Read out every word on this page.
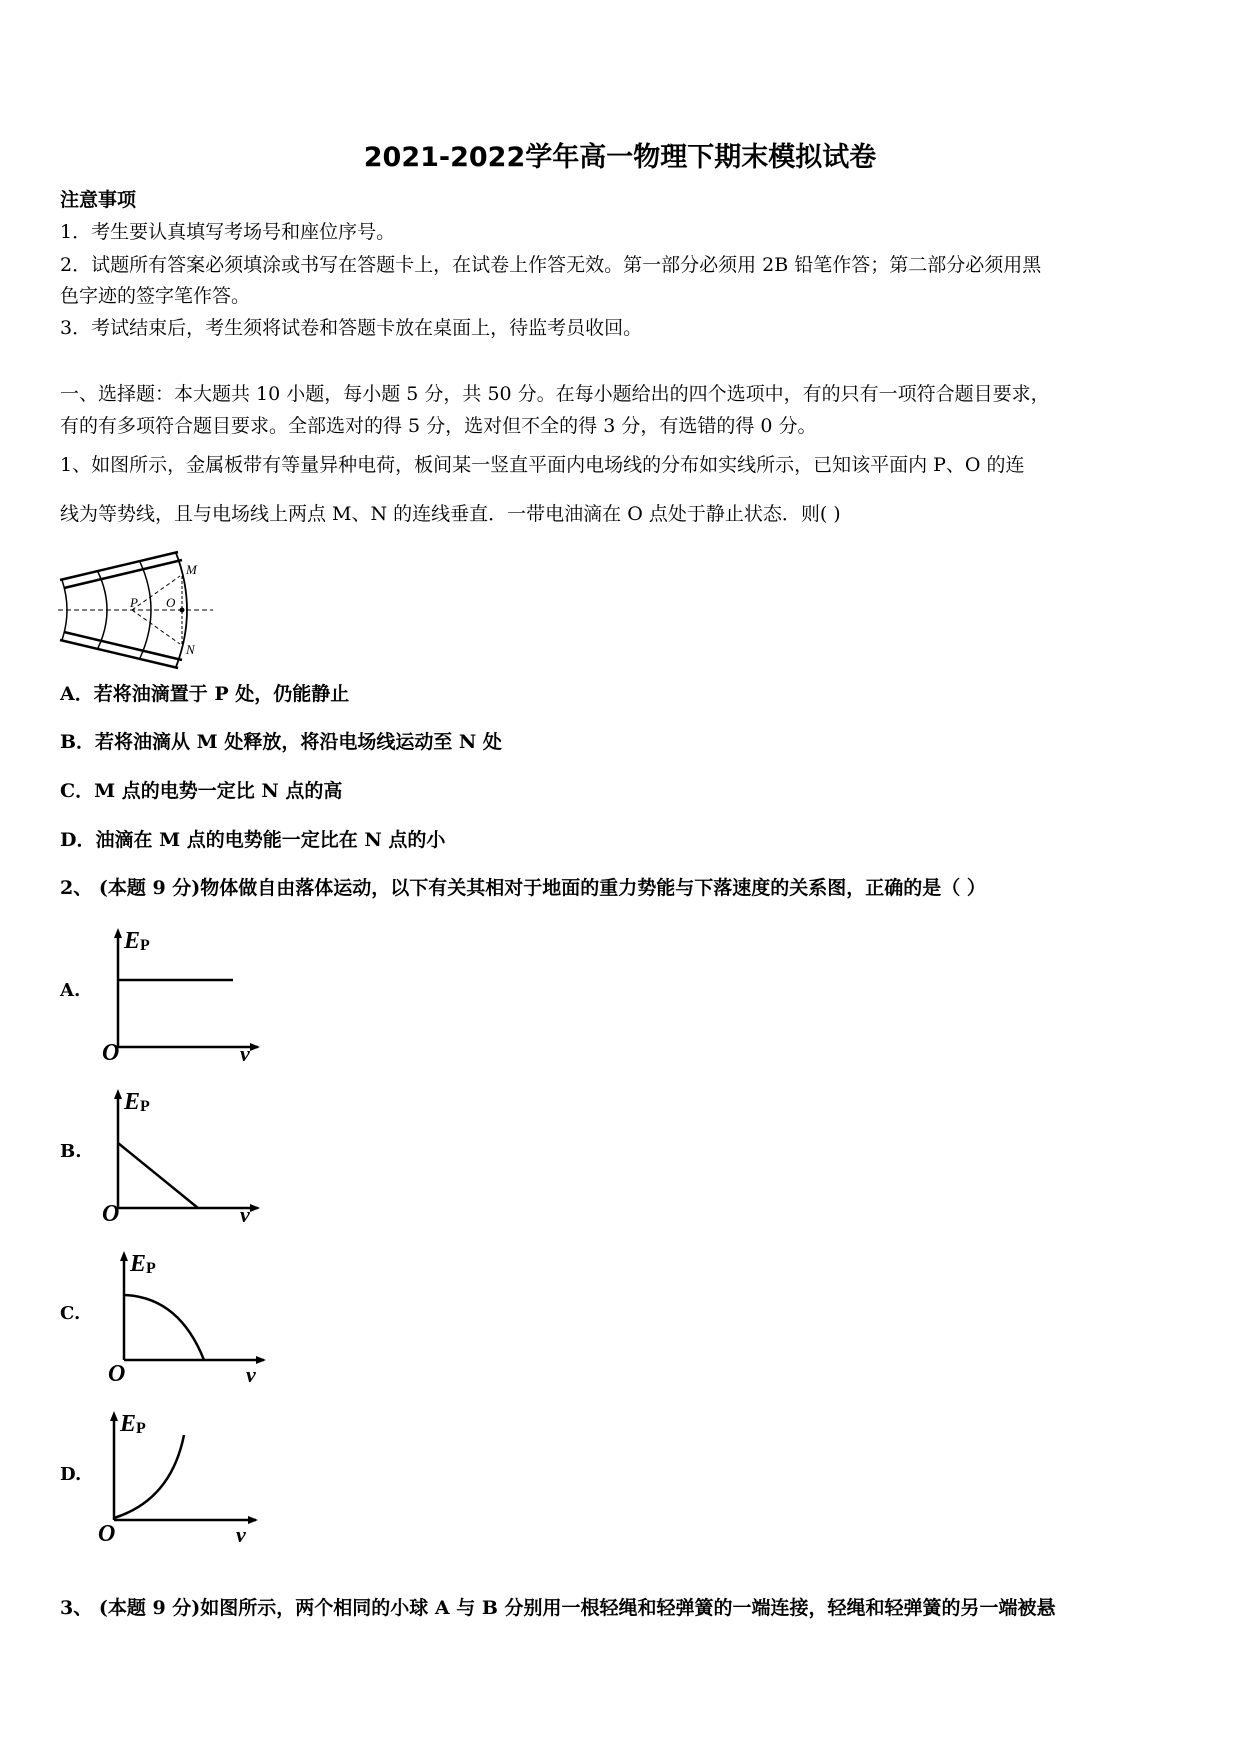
2021-2022学年高一物理下期末模拟试卷
注意事项
1．考生要认真填写考场号和座位序号。
2．试题所有答案必须填涂或书写在答题卡上，在试卷上作答无效。第一部分必须用 2B 铅笔作答；第二部分必须用黑
色字迹的签字笔作答。
3．考试结束后，考生须将试卷和答题卡放在桌面上，待监考员收回。
一、选择题：本大题共 10 小题，每小题 5 分，共 50 分。在每小题给出的四个选项中，有的只有一项符合题目要求，
有的有多项符合题目要求。全部选对的得 5 分，选对但不全的得 3 分，有选错的得 0 分。
1、如图所示，金属板带有等量异种电荷，板间某一竖直平面内电场线的分布如实线所示，已知该平面内 P、O 的连
线为等势线，且与电场线上两点 M、N 的连线垂直．一带电油滴在 O 点处于静止状态．则( )
P O
M
N
A．若将油滴置于 P 处，仍能静止
B．若将油滴从 M 处释放，将沿电场线运动至 N 处
C．M 点的电势一定比 N 点的高
D．油滴在 M 点的电势能一定比在 N 点的小
2、 (本题 9 分)物体做自由落体运动，以下有关其相对于地面的重力势能与下落速度的关系图，正确的是（ ）
A.
EP
O	v
B.
EP
O	v
C.
EP
O	v
D.
EP
O	v
3、 (本题 9 分)如图所示，两个相同的小球 A 与 B 分别用一根轻绳和轻弹簧的一端连接，轻绳和轻弹簧的另一端被悬
